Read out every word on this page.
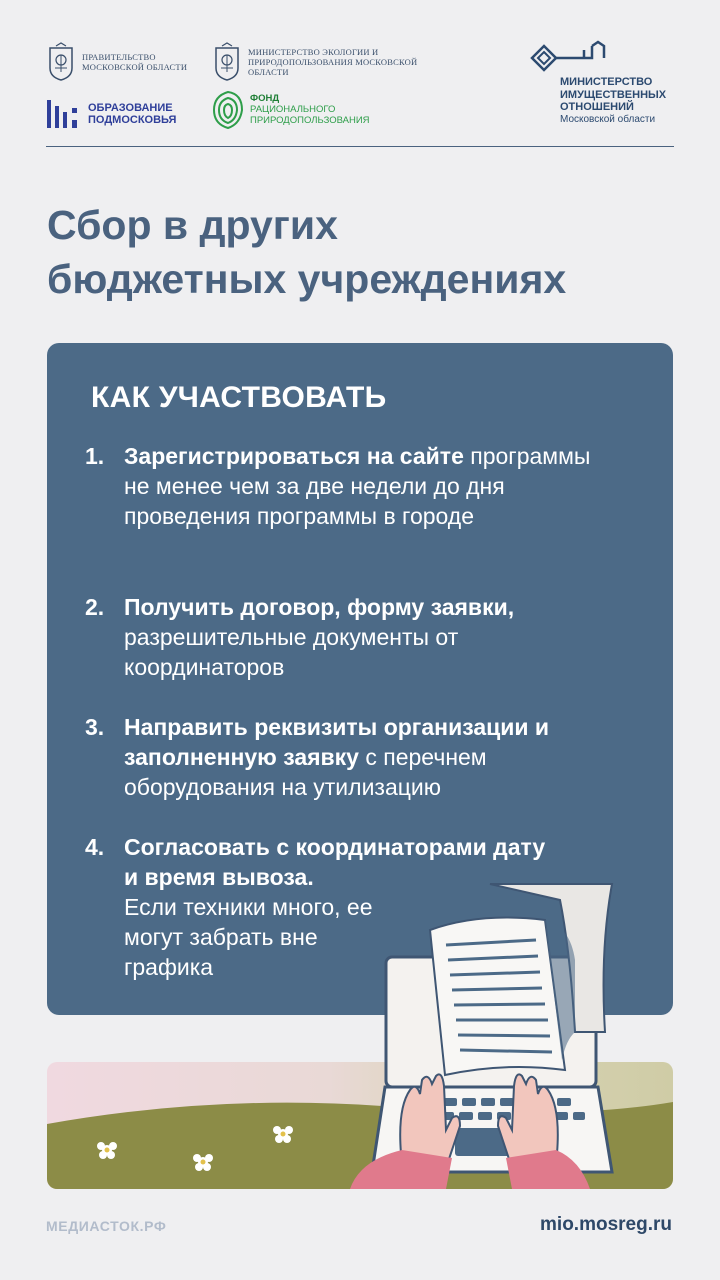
ПРАВИТЕЛЬСТВО МОСКОВСКОЙ ОБЛАСТИ
МИНИСТЕРСТВО ЭКОЛОГИИ И ПРИРОДОПОЛЬЗОВАНИЯ МОСКОВСКОЙ ОБЛАСТИ
ОБРАЗОВАНИЕ
ПОДМОСКОВЬЯ
ФОНД
РАЦИОНАЛЬНОГО
ПРИРОДОПОЛЬЗОВАНИЯ
МИНИСТЕРСТВО
ИМУЩЕСТВЕННЫХ
ОТНОШЕНИЙ
Московской области
Сбор в других
бюджетных учреждениях
КАК УЧАСТВОВАТЬ
1. Зарегистрироваться на сайте программы не менее чем за две недели до дня проведения программы в городе
2. Получить договор, форму заявки, разрешительные документы от координаторов
3. Направить реквизиты организации и заполненную заявку с перечнем оборудования на утилизацию
4. Согласовать с координаторами дату и время вывоза.
Если техники много, ее могут забрать вне графика
МЕДИАСТОК.РФ	mio.mosreg.ru
